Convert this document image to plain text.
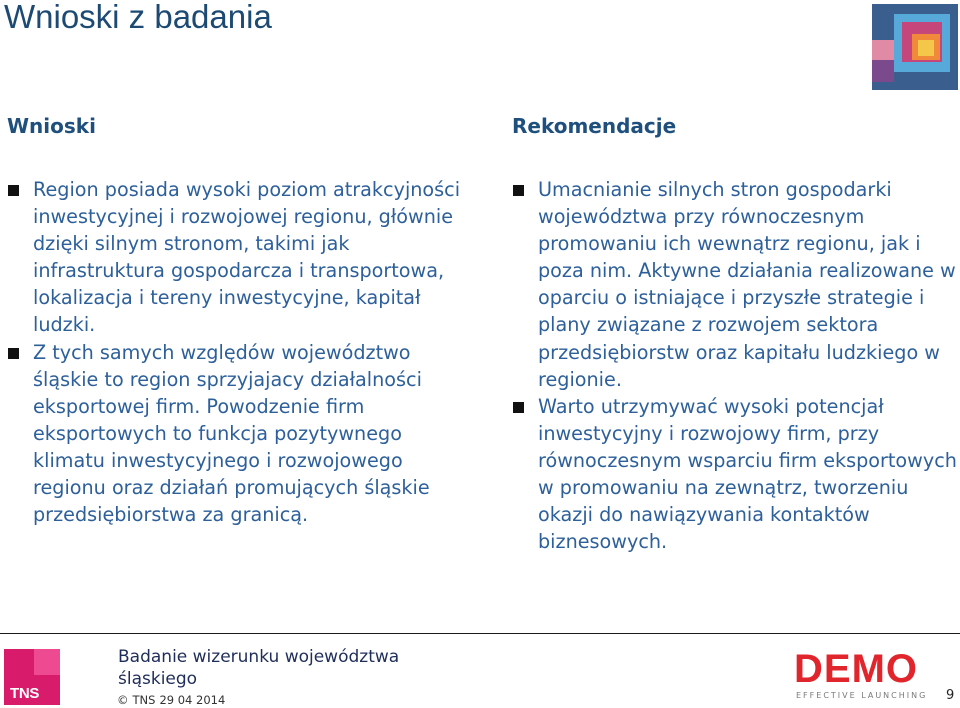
Wnioski z badania
Wnioski
Region posiada wysoki poziom atrakcyjności inwestycyjnej i rozwojowej regionu, głównie dzięki silnym stronom, takimi jak infrastruktura gospodarcza i transportowa, lokalizacja i tereny inwestycyjne, kapitał ludzki.
Z tych samych względów województwo śląskie to region sprzyjajacy działalności eksportowej firm. Powodzenie firm eksportowych to funkcja pozytywnego klimatu inwestycyjnego i rozwojowego regionu oraz działań promujących śląskie przedsiębiorstwa za granicą.
Rekomendacje
Umacnianie silnych stron gospodarki województwa przy równoczesnym promowaniu ich wewnątrz regionu, jak i poza nim. Aktywne działania realizowane w oparciu o istniające i przyszłe strategie i plany związane z rozwojem sektora przedsiębiorstw oraz kapitału ludzkiego w regionie.
Warto utrzymywać wysoki potencjał inwestycyjny i rozwojowy firm, przy równoczesnym wsparciu firm eksportowych w promowaniu na zewnątrz, tworzeniu okazji do nawiązywania kontaktów biznesowych.
TNS
Badanie wizerunku województwa śląskiego
© TNS 29 04 2014
DEMO
EFFECTIVE LAUNCHING 9
